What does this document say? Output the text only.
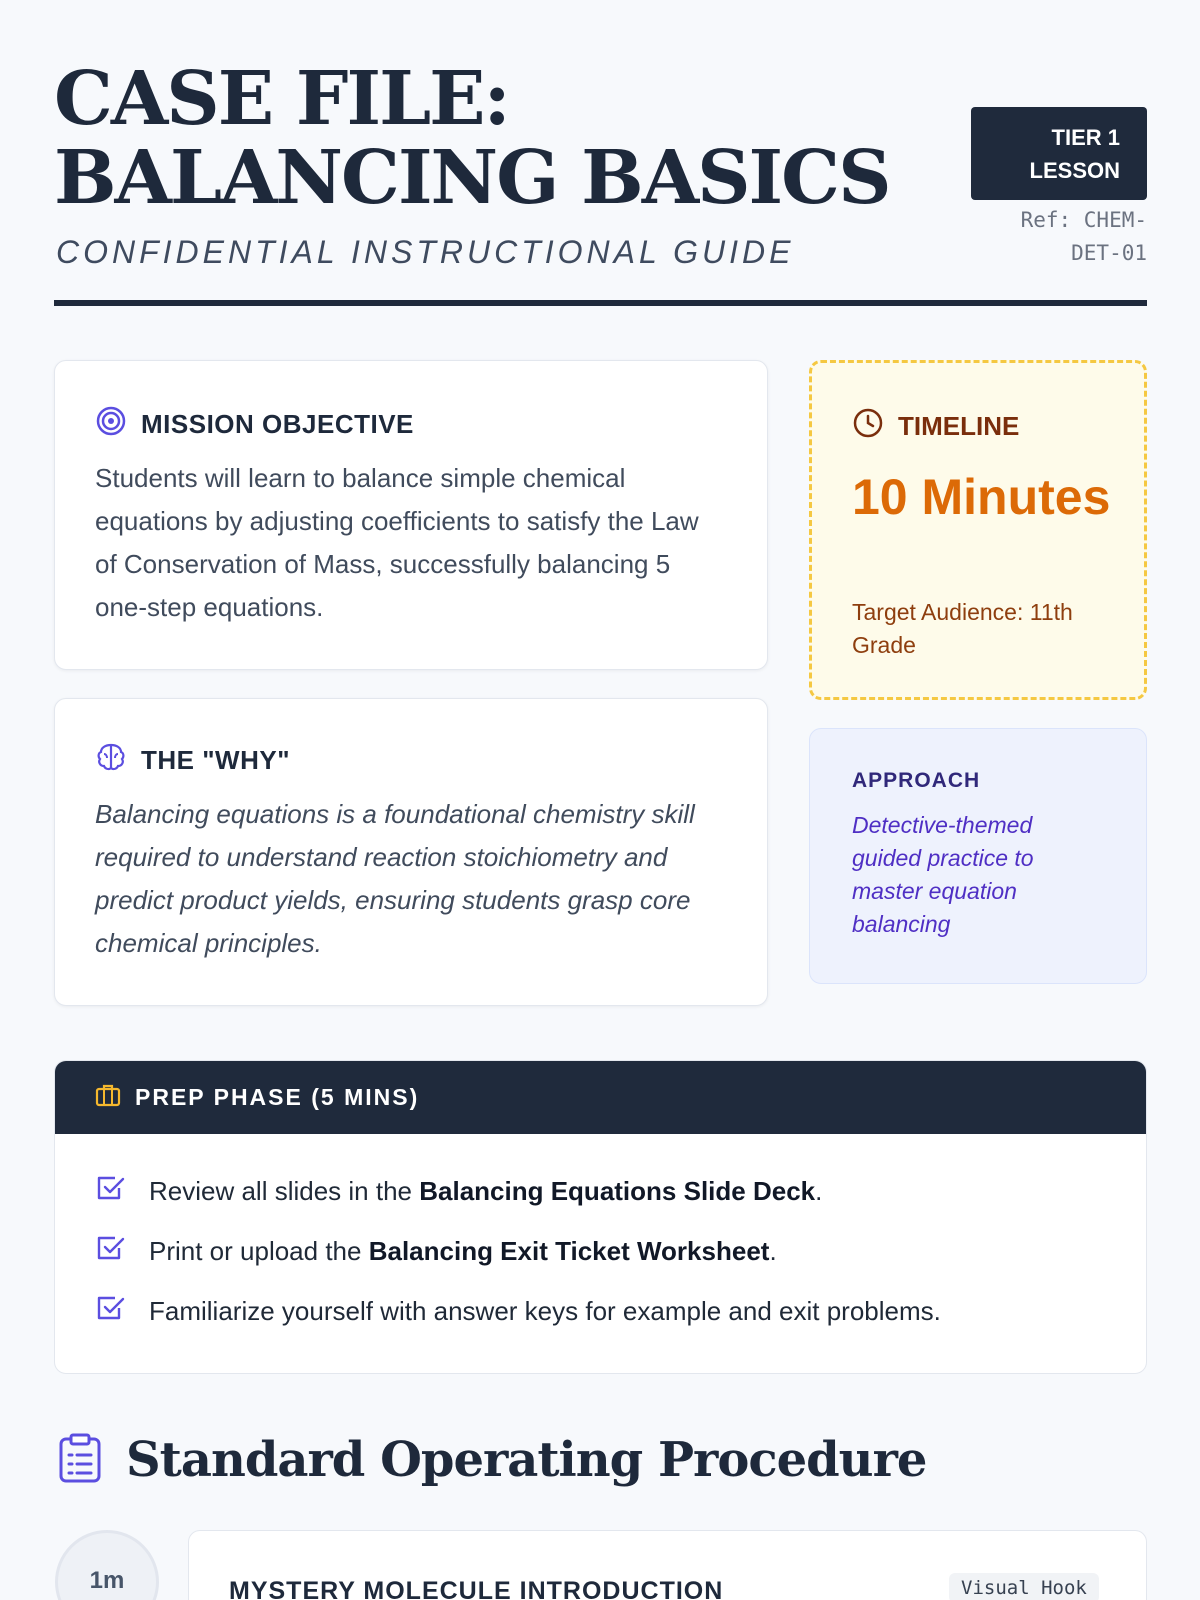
CASE FILE: BALANCING BASICS
CONFIDENTIAL INSTRUCTIONAL GUIDE
TIER 1 LESSON
Ref: CHEM-DET-01
MISSION OBJECTIVE
Students will learn to balance simple chemical equations by adjusting coefficients to satisfy the Law of Conservation of Mass, successfully balancing 5 one-step equations.
THE "WHY"
Balancing equations is a foundational chemistry skill required to understand reaction stoichiometry and predict product yields, ensuring students grasp core chemical principles.
TIMELINE
10 Minutes
Target Audience: 11th Grade
APPROACH
Detective-themed guided practice to master equation balancing
PREP PHASE (5 MINS)
Review all slides in the Balancing Equations Slide Deck.
Print or upload the Balancing Exit Ticket Worksheet.
Familiarize yourself with answer keys for example and exit problems.
Standard Operating Procedure
1m	MYSTERY MOLECULE INTRODUCTION	Visual Hook
